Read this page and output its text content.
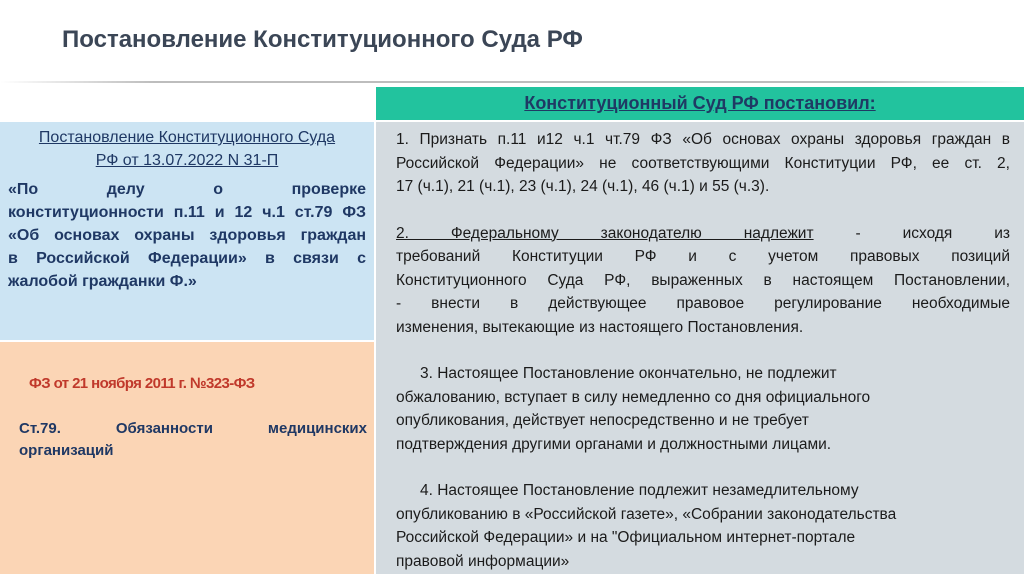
Постановление Конституционного Суда РФ
Конституционный Суд РФ постановил:
Постановление Конституционного Суда
РФ от 13.07.2022 N 31-П
«По делу о проверке
конституционности п.11 и 12 ч.1 ст.79 ФЗ
«Об основах охраны здоровья граждан
в Российской Федерации» в связи с
жалобой гражданки Ф.»
ФЗ от 21 ноября 2011 г. №323-ФЗ
Ст.79. Обязанности медицинских
организаций
1. Признать п.11 и12 ч.1 чт.79 ФЗ «Об основах охраны здоровья граждан в
Российской Федерации» не соответствующими Конституции РФ, ее ст. 2,
17 (ч.1), 21 (ч.1), 23 (ч.1), 24 (ч.1), 46 (ч.1) и 55 (ч.3).
2. Федеральному законодателю надлежит - исходя из
требований Конституции РФ и с учетом правовых позиций
Конституционного Суда РФ, выраженных в настоящем Постановлении,
- внести в действующее правовое регулирование необходимые
изменения, вытекающие из настоящего Постановления.
3. Настоящее Постановление окончательно, не подлежит
обжалованию, вступает в силу немедленно со дня официального
опубликования, действует непосредственно и не требует
подтверждения другими органами и должностными лицами.
4. Настоящее Постановление подлежит незамедлительному
опубликованию в «Российской газете», «Собрании законодательства
Российской Федерации» и на "Официальном интернет-портале
правовой информации»
